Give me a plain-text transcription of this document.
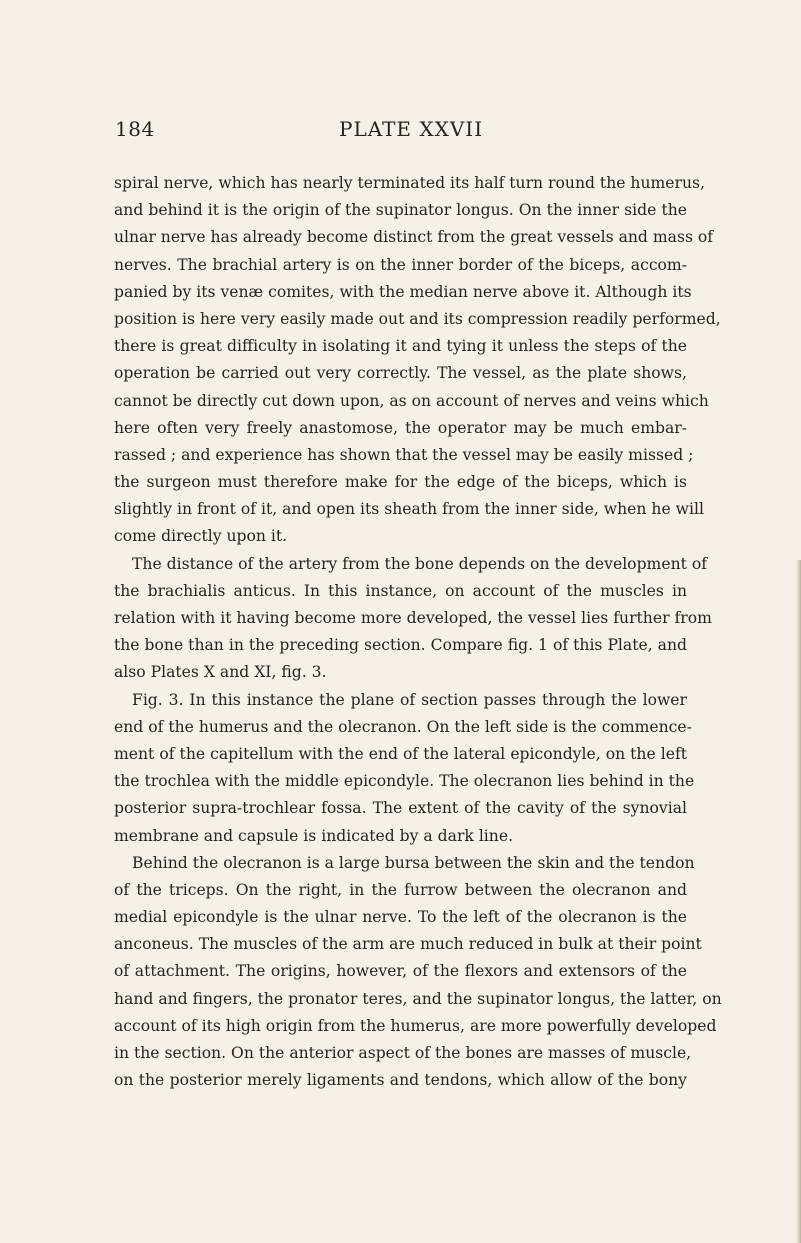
184	PLATE XXVII
spiral nerve, which has nearly terminated its half turn round the humerus,
and behind it is the origin of the supinator longus. On the inner side the
ulnar nerve has already become distinct from the great vessels and mass of
nerves. The brachial artery is on the inner border of the biceps, accom-
panied by its venæ comites, with the median nerve above it. Although its
position is here very easily made out and its compression readily performed,
there is great difficulty in isolating it and tying it unless the steps of the
operation be carried out very correctly. The vessel, as the plate shows,
cannot be directly cut down upon, as on account of nerves and veins which
here often very freely anastomose, the operator may be much embar-
rassed ; and experience has shown that the vessel may be easily missed ;
the surgeon must therefore make for the edge of the biceps, which is
slightly in front of it, and open its sheath from the inner side, when he will
come directly upon it.
The distance of the artery from the bone depends on the development of
the brachialis anticus. In this instance, on account of the muscles in
relation with it having become more developed, the vessel lies further from
the bone than in the preceding section. Compare fig. 1 of this Plate, and
also Plates X and XI, fig. 3.
Fig. 3. In this instance the plane of section passes through the lower
end of the humerus and the olecranon. On the left side is the commence-
ment of the capitellum with the end of the lateral epicondyle, on the left
the trochlea with the middle epicondyle. The olecranon lies behind in the
posterior supra-trochlear fossa. The extent of the cavity of the synovial
membrane and capsule is indicated by a dark line.
Behind the olecranon is a large bursa between the skin and the tendon
of the triceps. On the right, in the furrow between the olecranon and
medial epicondyle is the ulnar nerve. To the left of the olecranon is the
anconeus. The muscles of the arm are much reduced in bulk at their point
of attachment. The origins, however, of the flexors and extensors of the
hand and fingers, the pronator teres, and the supinator longus, the latter, on
account of its high origin from the humerus, are more powerfully developed
in the section. On the anterior aspect of the bones are masses of muscle,
on the posterior merely ligaments and tendons, which allow of the bony
